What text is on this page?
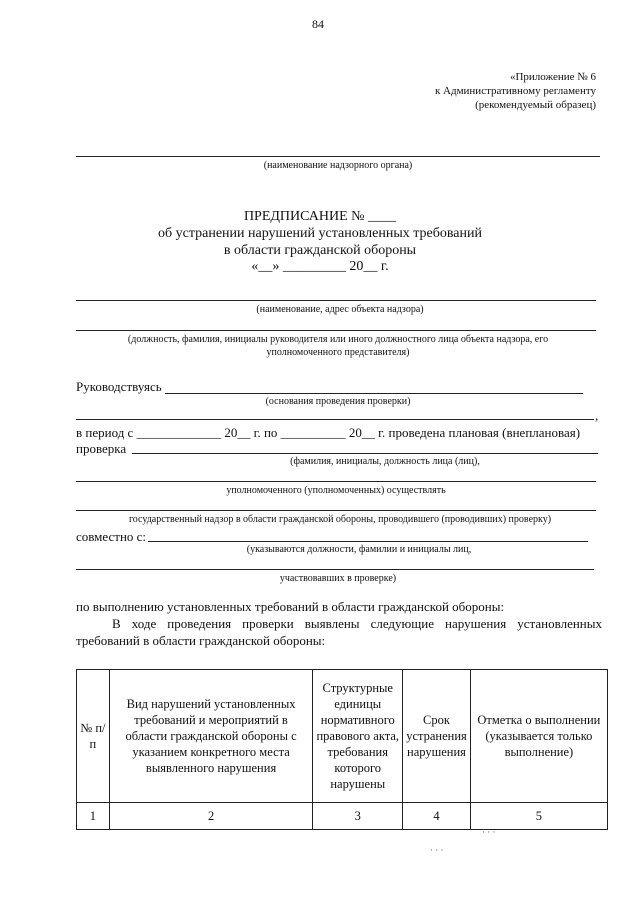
84
«Приложение № 6
к Административному регламенту
(рекомендуемый образец)
(наименование надзорного органа)
ПРЕДПИСАНИЕ № ____
об устранении нарушений установленных требований
в области гражданской обороны
«__» _________ 20__ г.
(наименование, адрес объекта надзора)
(должность, фамилия, инициалы руководителя или иного должностного лица объекта надзора, его
уполномоченного представителя)
Руководствуясь
(основания проведения проверки)
,
в период с _____________ 20__ г. по __________ 20__ г. проведена плановая (внеплановая)
проверка
(фамилия, инициалы, должность лица (лиц),
уполномоченного (уполномоченных) осуществлять
государственный надзор в области гражданской обороны, проводившего (проводивших) проверку)
совместно с:
(указываются должности, фамилии и инициалы лиц,
участвовавших в проверке)
по выполнению установленных требований в области гражданской обороны:
В ходе проведения проверки выявлены следующие нарушения установленных
требований в области гражданской обороны:
№ п/п	Вид нарушений установленных требований и мероприятий в области гражданской обороны с указанием конкретного места выявленного нарушения	Структурные единицы нормативного правового акта, требования которого нарушены	Срок устранения нарушения	Отметка о выполнении (указывается только выполнение)
1	2	3	4	5
· · ·
· · ·
